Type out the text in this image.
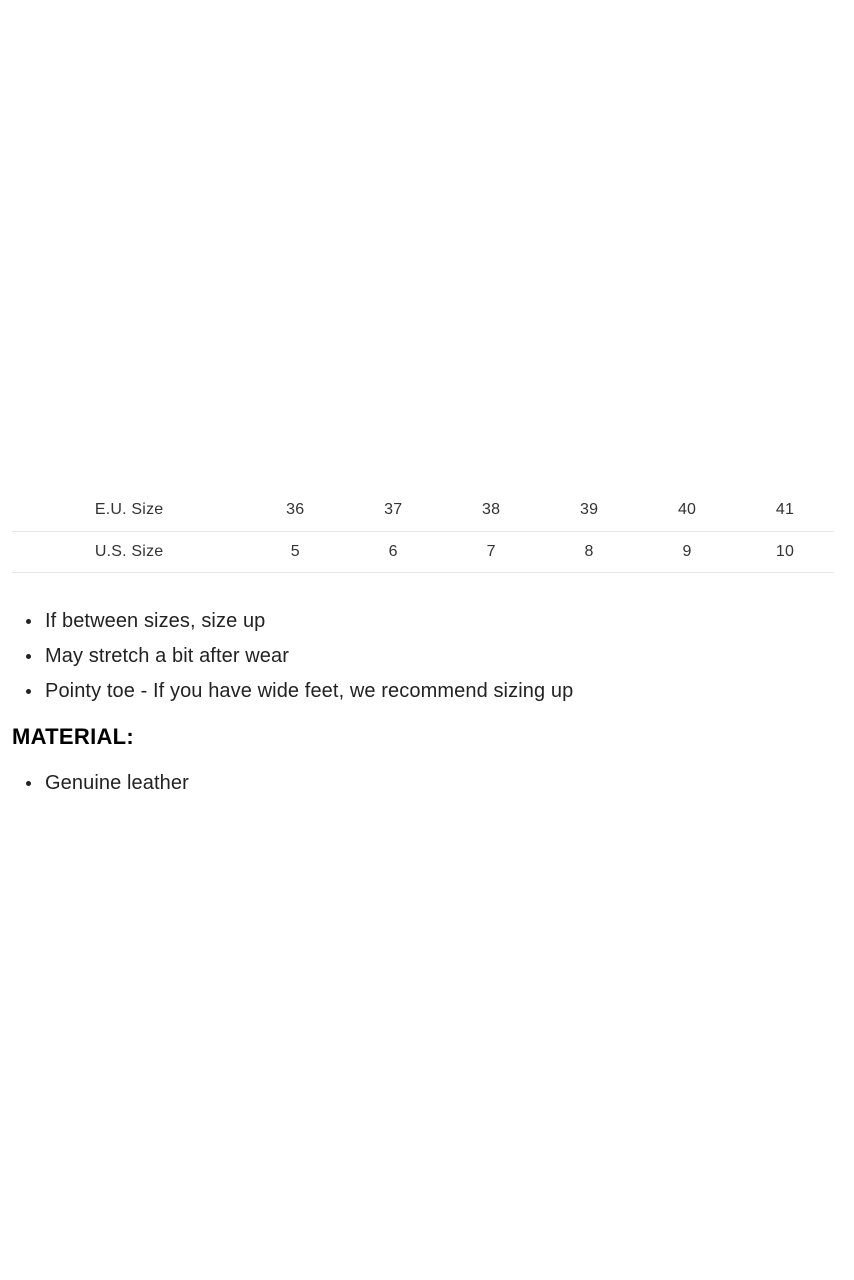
E.U. Size	36	37	38	39	40	41
U.S. Size	5	6	7	8	9	10
If between sizes, size up
May stretch a bit after wear
Pointy toe - If you have wide feet, we recommend sizing up
MATERIAL:
Genuine leather
